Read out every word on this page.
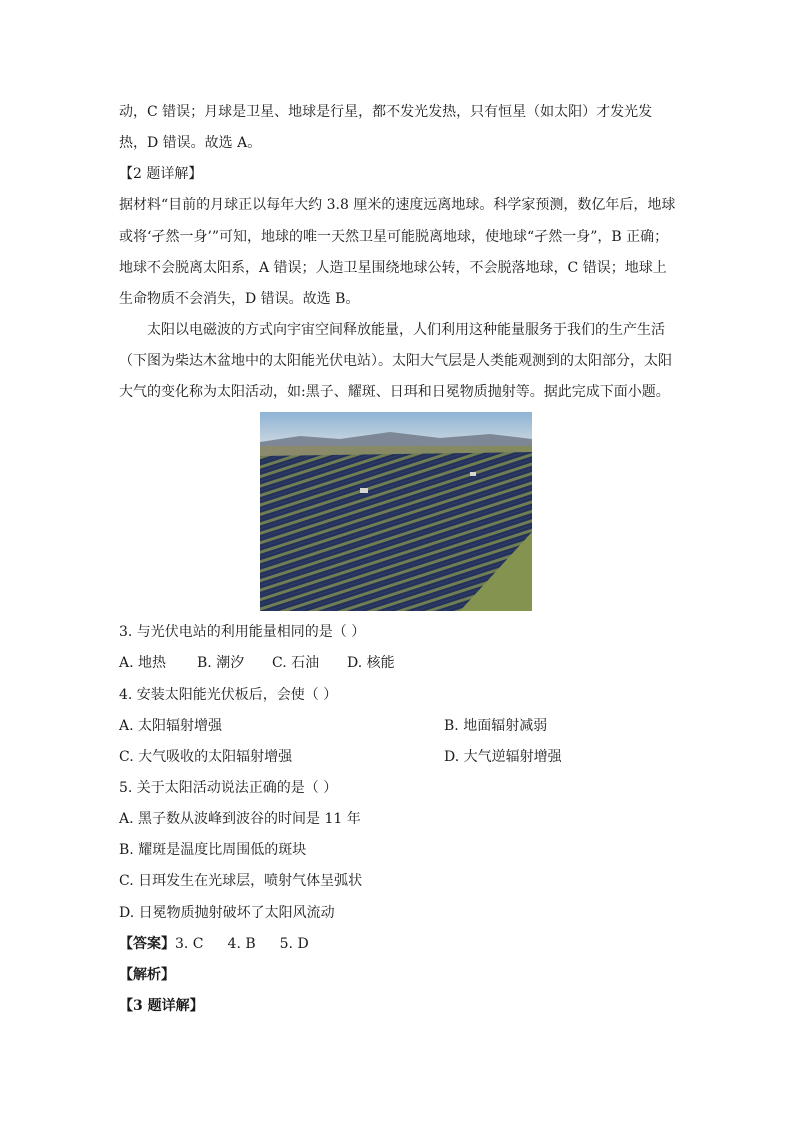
动，C 错误；月球是卫星、地球是行星，都不发光发热，只有恒星（如太阳）才发光发
热，D 错误。故选 A。
【2 题详解】
据材料“目前的月球正以每年大约 3.8 厘米的速度远离地球。科学家预测，数亿年后，地球
或将‘孑然一身’”可知，地球的唯一天然卫星可能脱离地球，使地球“孑然一身”，B 正确；
地球不会脱离太阳系，A 错误；人造卫星围绕地球公转，不会脱落地球，C 错误；地球上
生命物质不会消失，D 错误。故选 B。
太阳以电磁波的方式向宇宙空间释放能量，人们利用这种能量服务于我们的生产生活
（下图为柴达木盆地中的太阳能光伏电站）。太阳大气层是人类能观测到的太阳部分，太阳
大气的变化称为太阳活动，如:黑子、耀斑、日珥和日冕物质抛射等。据此完成下面小题。
3. 与光伏电站的利用能量相同的是（ ）
A. 地热 B. 潮汐 C. 石油 D. 核能
4. 安装太阳能光伏板后，会使（ ）
A. 太阳辐射增强	B. 地面辐射减弱
C. 大气吸收的太阳辐射增强	D. 大气逆辐射增强
5. 关于太阳活动说法正确的是（ ）
A. 黑子数从波峰到波谷的时间是 11 年
B. 耀斑是温度比周围低的斑块
C. 日珥发生在光球层，喷射气体呈弧状
D. 日冕物质抛射破坏了太阳风流动
【答案】3. C 4. B 5. D
【解析】
【3 题详解】
